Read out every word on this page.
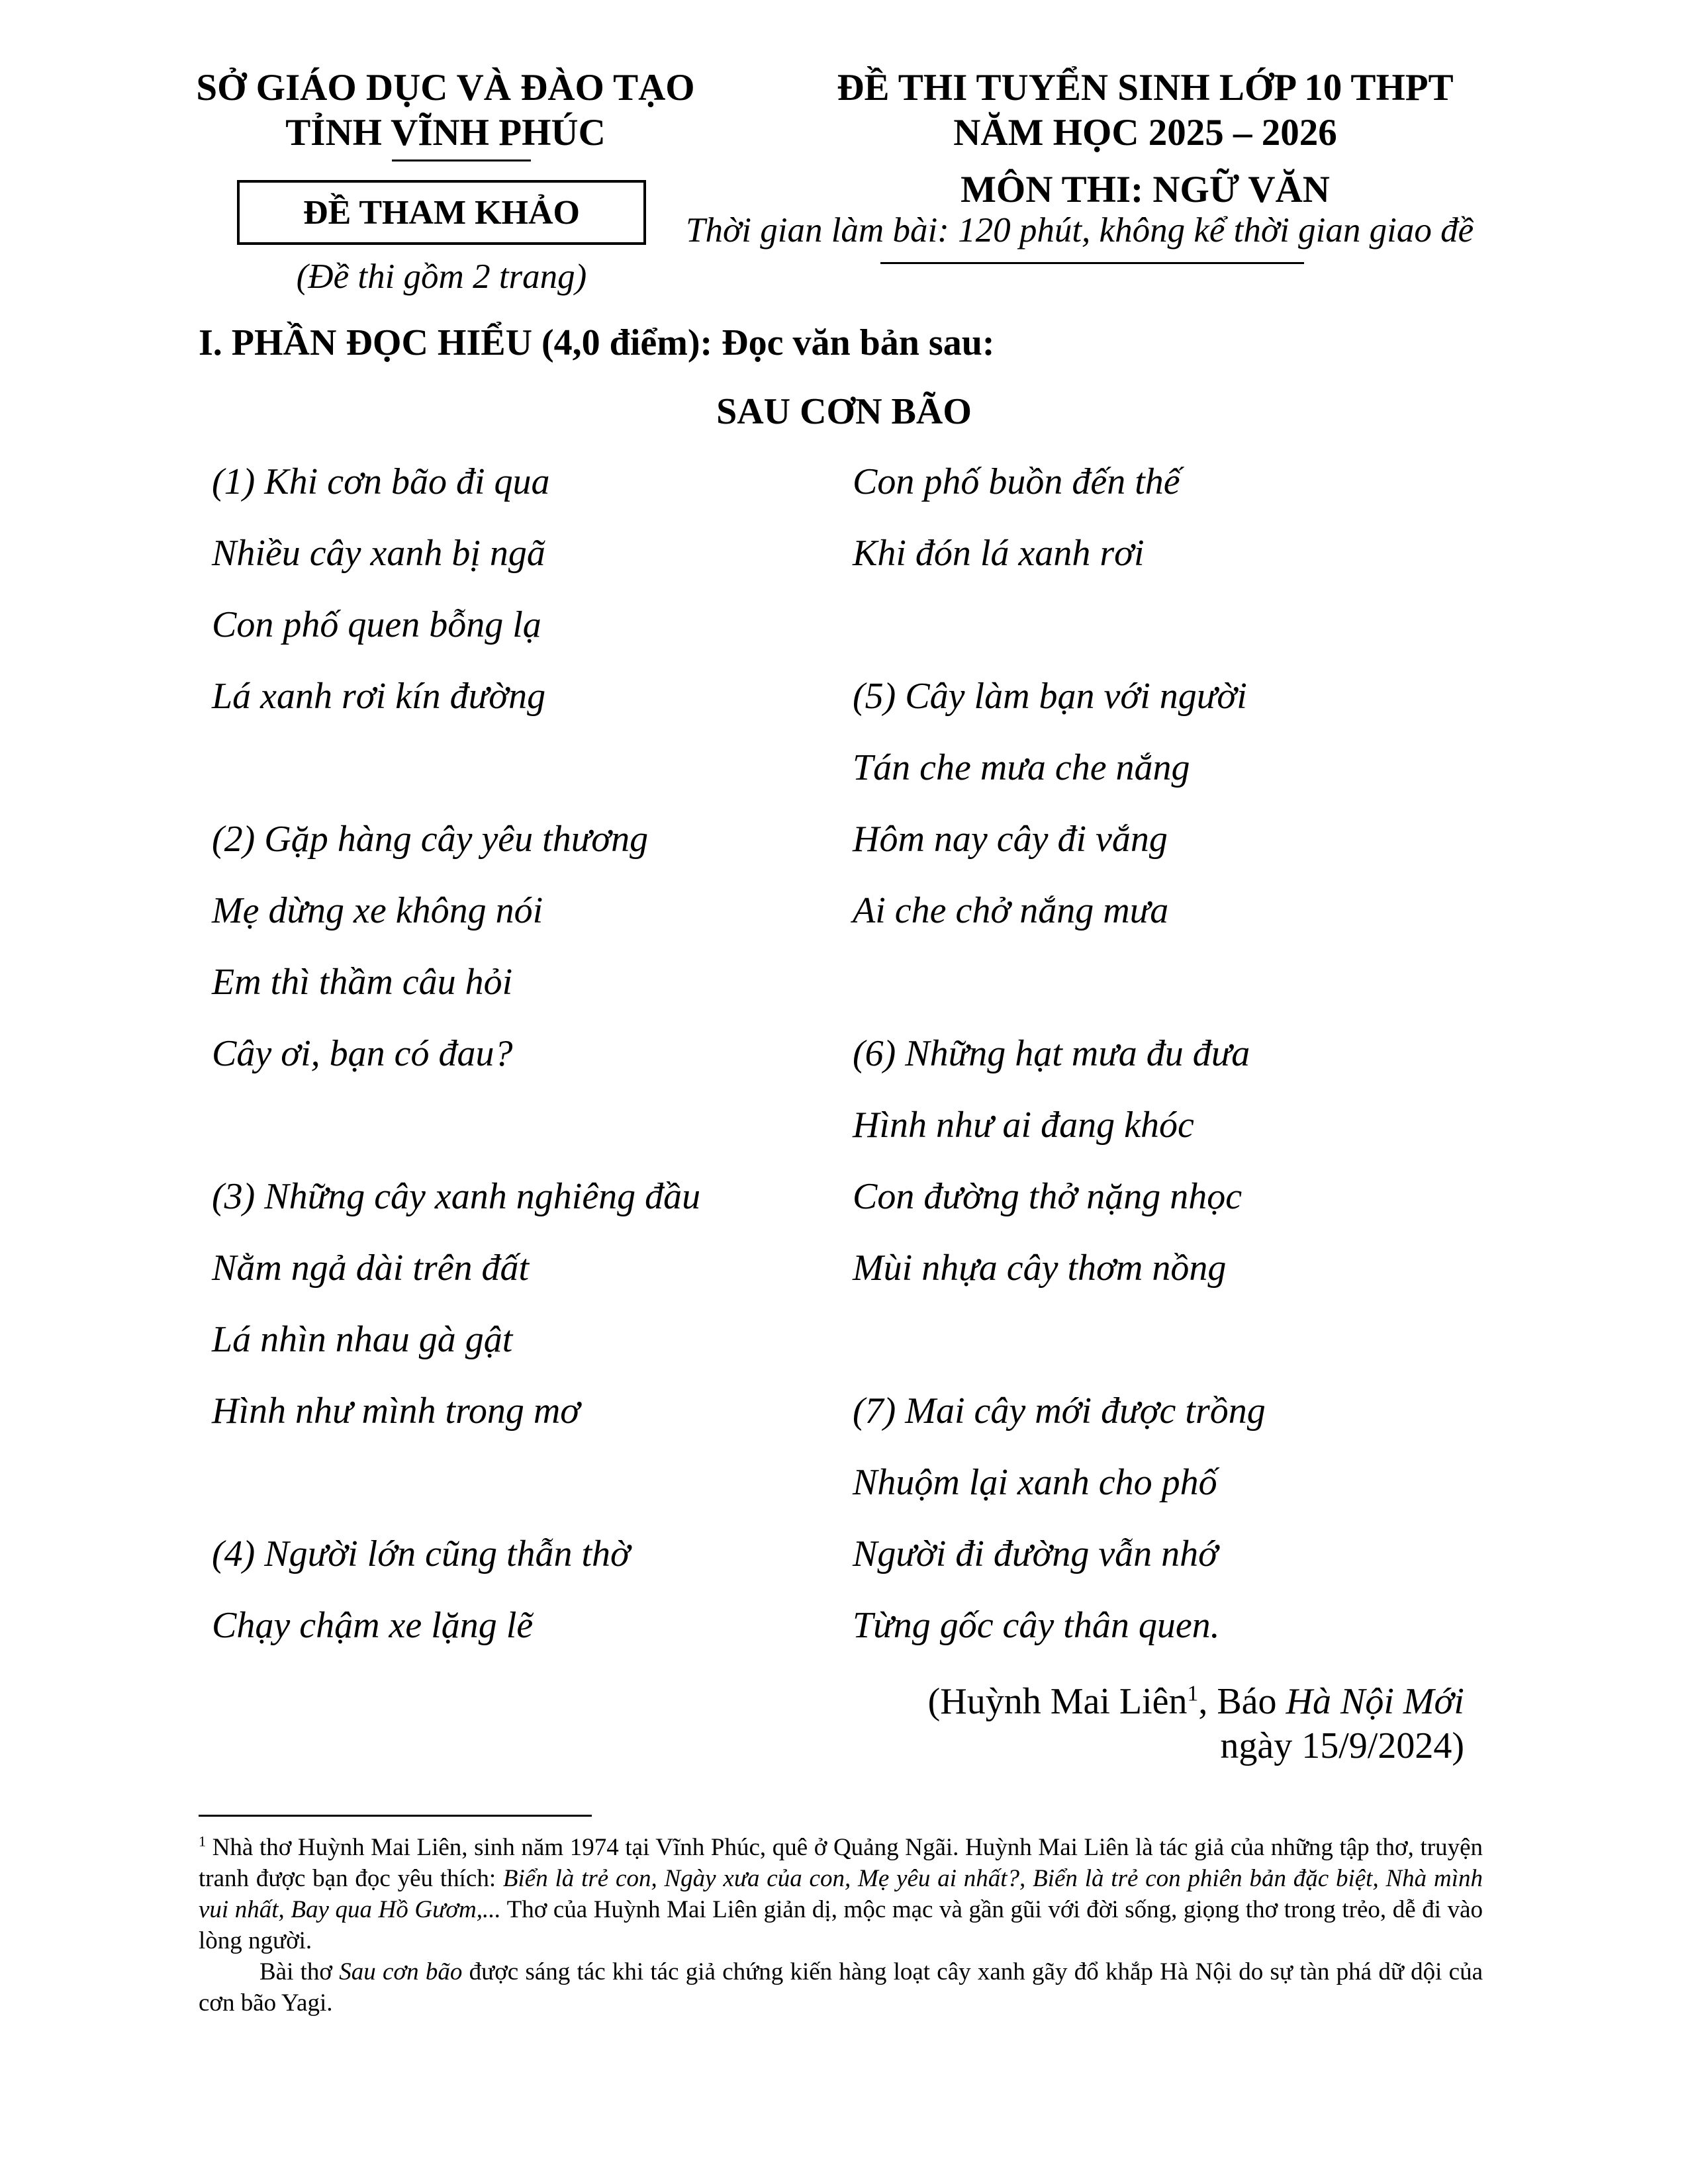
SỞ GIÁO DỤC VÀ ĐÀO TẠO
TỈNH VĨNH PHÚC
ĐỀ THI TUYỂN SINH LỚP 10 THPT
NĂM HỌC 2025 – 2026
ĐỀ THAM KHẢO
MÔN THI: NGỮ VĂN
Thời gian làm bài: 120 phút, không kể thời gian giao đề
(Đề thi gồm 2 trang)
I. PHẦN ĐỌC HIỂU (4,0 điểm): Đọc văn bản sau:
SAU CƠN BÃO
(1) Khi cơn bão đi qua
Nhiều cây xanh bị ngã
Con phố quen bỗng lạ
Lá xanh rơi kín đường
(2) Gặp hàng cây yêu thương
Mẹ dừng xe không nói
Em thì thầm câu hỏi
Cây ơi, bạn có đau?
(3) Những cây xanh nghiêng đầu
Nằm ngả dài trên đất
Lá nhìn nhau gà gật
Hình như mình trong mơ
(4) Người lớn cũng thẫn thờ
Chạy chậm xe lặng lẽ
Con phố buồn đến thế
Khi đón lá xanh rơi
(5) Cây làm bạn với người
Tán che mưa che nắng
Hôm nay cây đi vắng
Ai che chở nắng mưa
(6) Những hạt mưa đu đưa
Hình như ai đang khóc
Con đường thở nặng nhọc
Mùi nhựa cây thơm nồng
(7) Mai cây mới được trồng
Nhuộm lại xanh cho phố
Người đi đường vẫn nhớ
Từng gốc cây thân quen.
(Huỳnh Mai Liên$^1$, Báo Hà Nội Mới
ngày 15/9/2024)
$^1$ Nhà thơ Huỳnh Mai Liên, sinh năm 1974 tại Vĩnh Phúc, quê ở Quảng Ngãi. Huỳnh Mai Liên là tác giả của những tập thơ, truyện tranh được bạn đọc yêu thích: Biển là trẻ con, Ngày xưa của con, Mẹ yêu ai nhất?, Biển là trẻ con phiên bản đặc biệt, Nhà mình vui nhất, Bay qua Hồ Gươm,... Thơ của Huỳnh Mai Liên giản dị, mộc mạc và gần gũi với đời sống, giọng thơ trong trẻo, dễ đi vào lòng người.
Bài thơ Sau cơn bão được sáng tác khi tác giả chứng kiến hàng loạt cây xanh gãy đổ khắp Hà Nội do sự tàn phá dữ dội của cơn bão Yagi.
